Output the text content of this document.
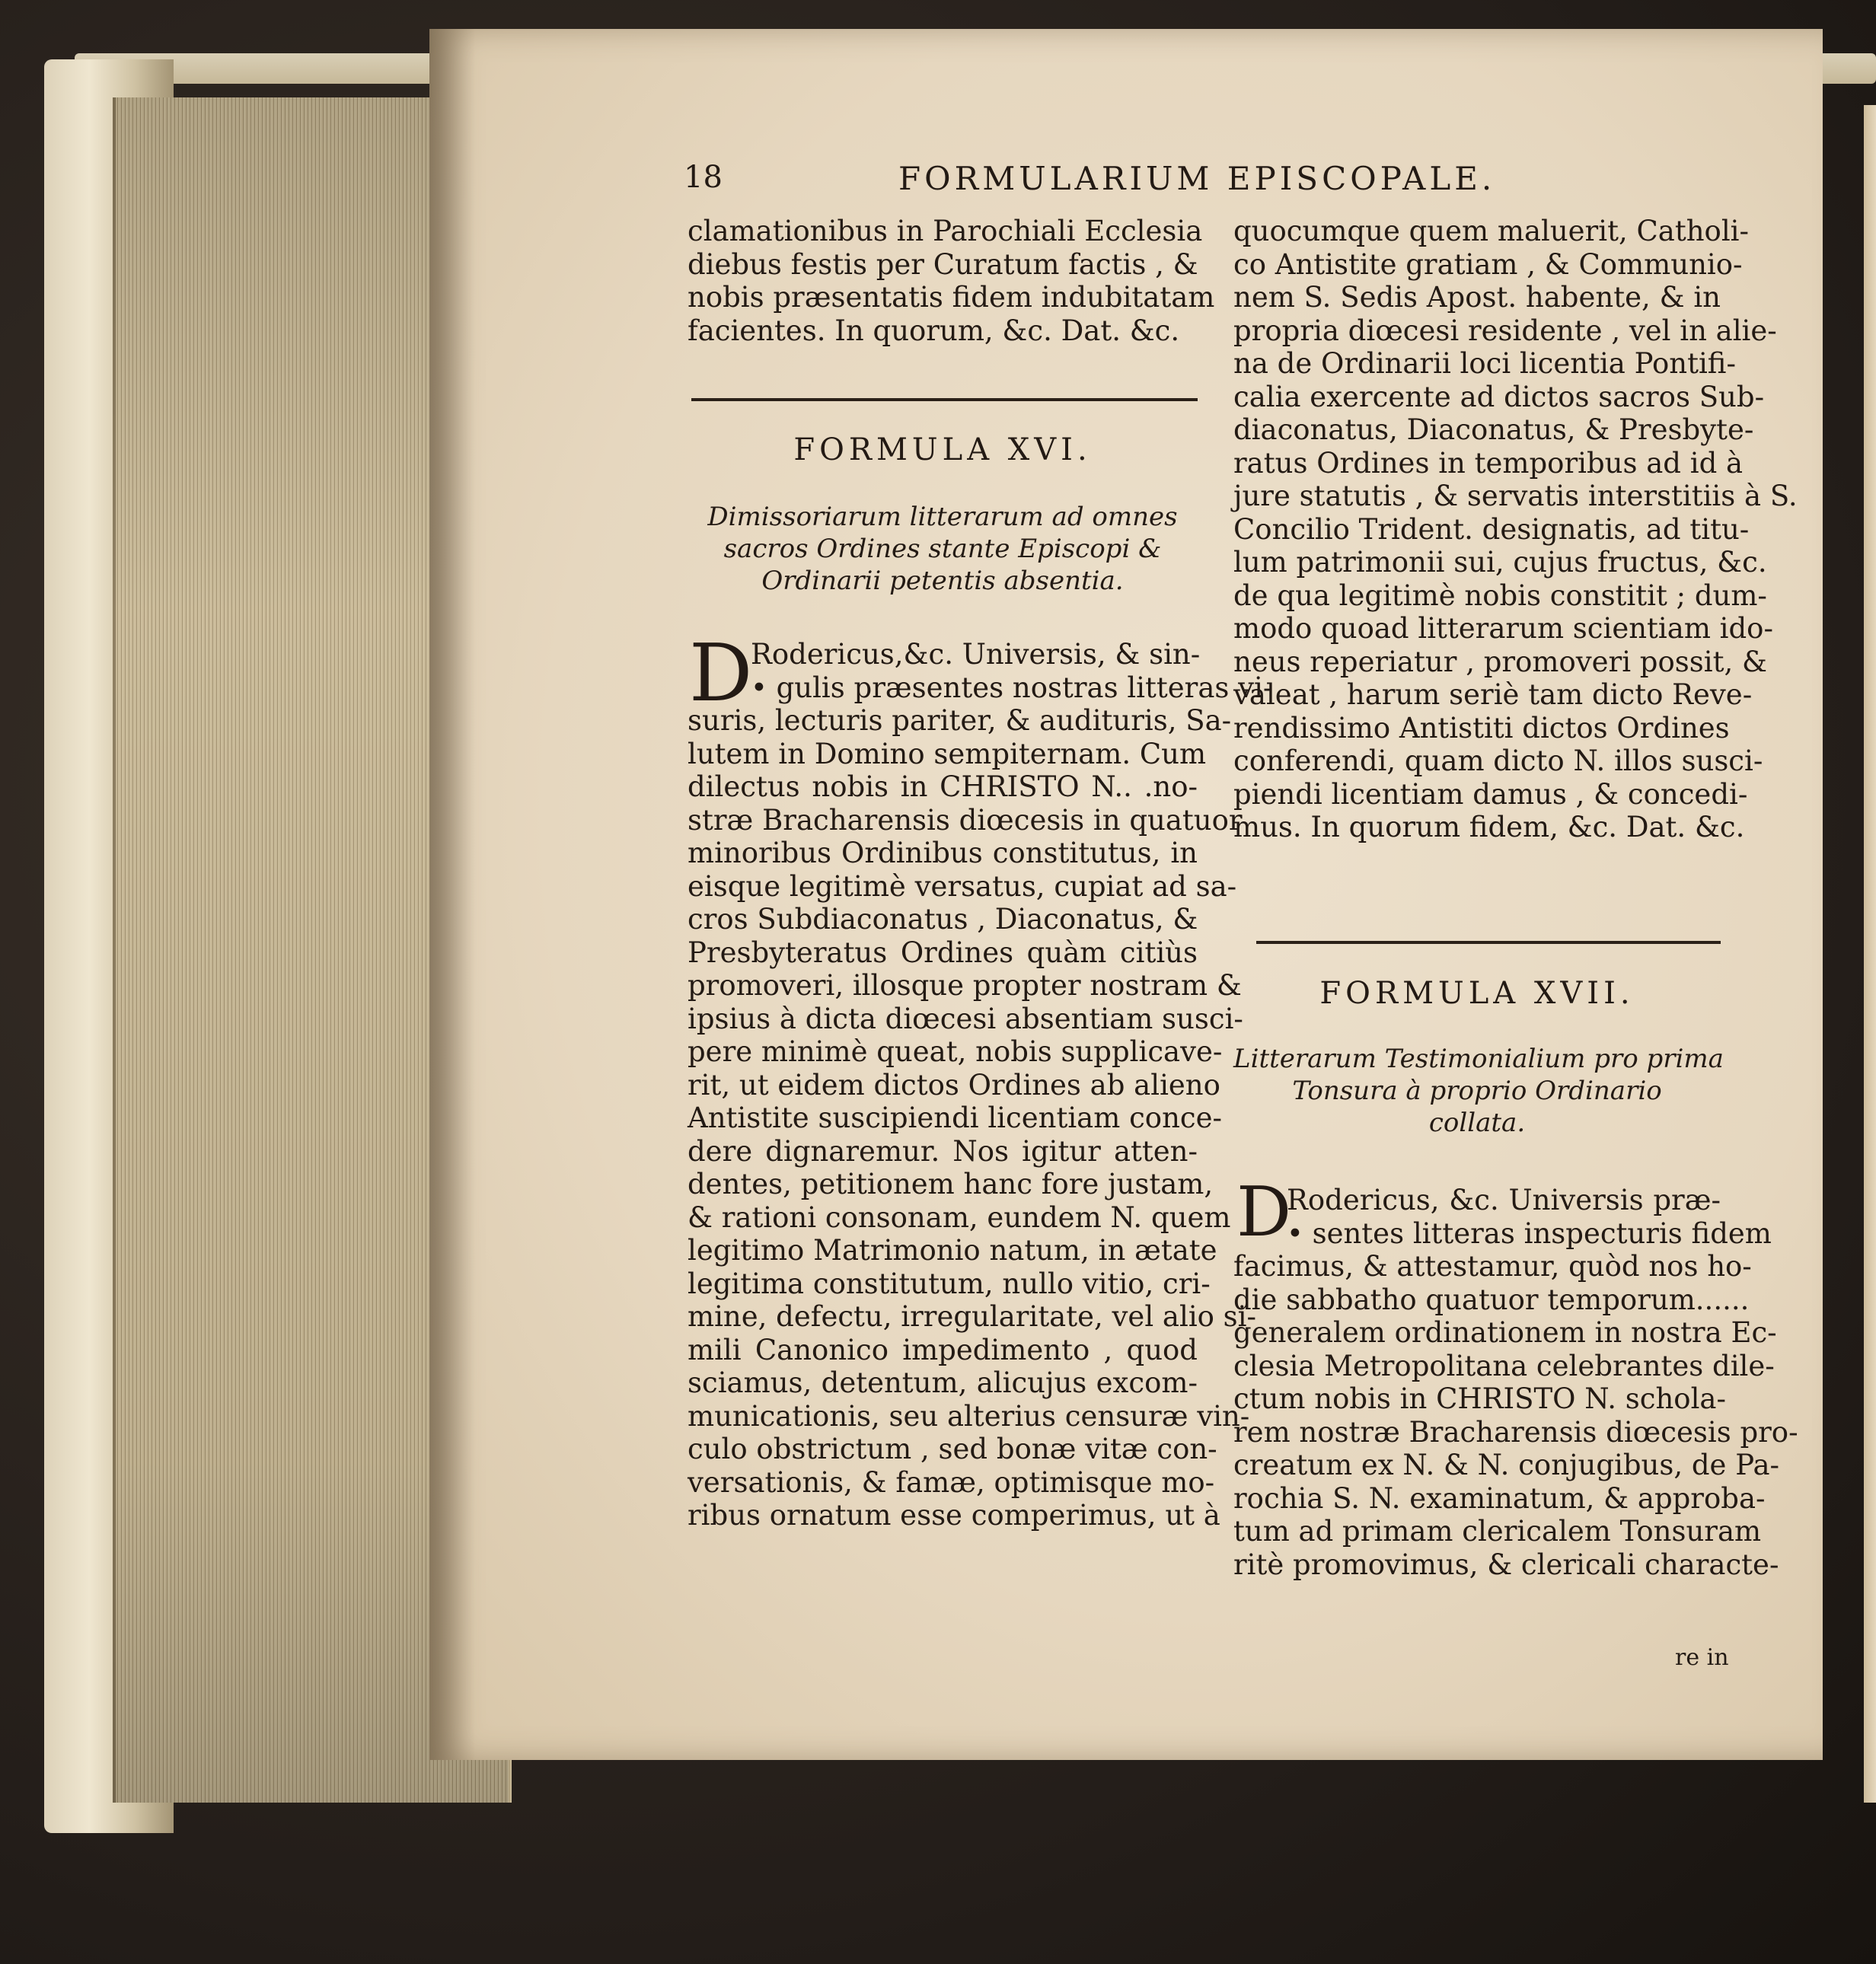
18	FORMULARIUM EPISCOPALE.
clamationibus in Parochiali Ecclesia
diebus festis per Curatum factis , &
nobis præsentatis fidem indubitatam
facientes. In quorum, &c. Dat. &c.
FORMULA XVI.
Dimissoriarum litterarum ad omnes
sacros Ordines stante Episcopi &
Ordinarii petentis absentia.
D
Rodericus,&c. Universis, & sin-
• gulis præsentes nostras litteras vi-
suris, lecturis pariter, & audituris, Sa-
lutem in Domino sempiternam. Cum
dilectus nobis in CHRISTO N.. .no-
stræ Bracharensis diœcesis in quatuor
minoribus Ordinibus constitutus, in
eisque legitimè versatus, cupiat ad sa-
cros Subdiaconatus , Diaconatus, &
Presbyteratus Ordines quàm citiùs
promoveri, illosque propter nostram &
ipsius à dicta diœcesi absentiam susci-
pere minimè queat, nobis supplicave-
rit, ut eidem dictos Ordines ab alieno
Antistite suscipiendi licentiam conce-
dere dignaremur. Nos igitur atten-
dentes, petitionem hanc fore justam,
& rationi consonam, eundem N. quem
legitimo Matrimonio natum, in ætate
legitima constitutum, nullo vitio, cri-
mine, defectu, irregularitate, vel alio si-
mili Canonico impedimento , quod
sciamus, detentum, alicujus excom-
municationis, seu alterius censuræ vin-
culo obstrictum , sed bonæ vitæ con-
versationis, & famæ, optimisque mo-
ribus ornatum esse comperimus, ut à
quocumque quem maluerit, Catholi-
co Antistite gratiam , & Communio-
nem S. Sedis Apost. habente, & in
propria diœcesi residente , vel in alie-
na de Ordinarii loci licentia Pontifi-
calia exercente ad dictos sacros Sub-
diaconatus, Diaconatus, & Presbyte-
ratus Ordines in temporibus ad id à
jure statutis , & servatis interstitiis à S.
Concilio Trident. designatis, ad titu-
lum patrimonii sui, cujus fructus, &c.
de qua legitimè nobis constitit ; dum-
modo quoad litterarum scientiam ido-
neus reperiatur , promoveri possit, &
valeat , harum seriè tam dicto Reve-
rendissimo Antistiti dictos Ordines
conferendi, quam dicto N. illos susci-
piendi licentiam damus , & concedi-
mus. In quorum fidem, &c. Dat. &c.
FORMULA XVII.
Litterarum Testimonialium pro prima
Tonsura à proprio Ordinario
collata.
D
Rodericus, &c. Universis præ-
• sentes litteras inspecturis fidem
facimus, & attestamur, quòd nos ho-
die sabbatho quatuor temporum......
generalem ordinationem in nostra Ec-
clesia Metropolitana celebrantes dile-
ctum nobis in CHRISTO N. schola-
rem nostræ Bracharensis diœcesis pro-
creatum ex N. & N. conjugibus, de Pa-
rochia S. N. examinatum, & approba-
tum ad primam clericalem Tonsuram
ritè promovimus, & clericali characte-
re in
